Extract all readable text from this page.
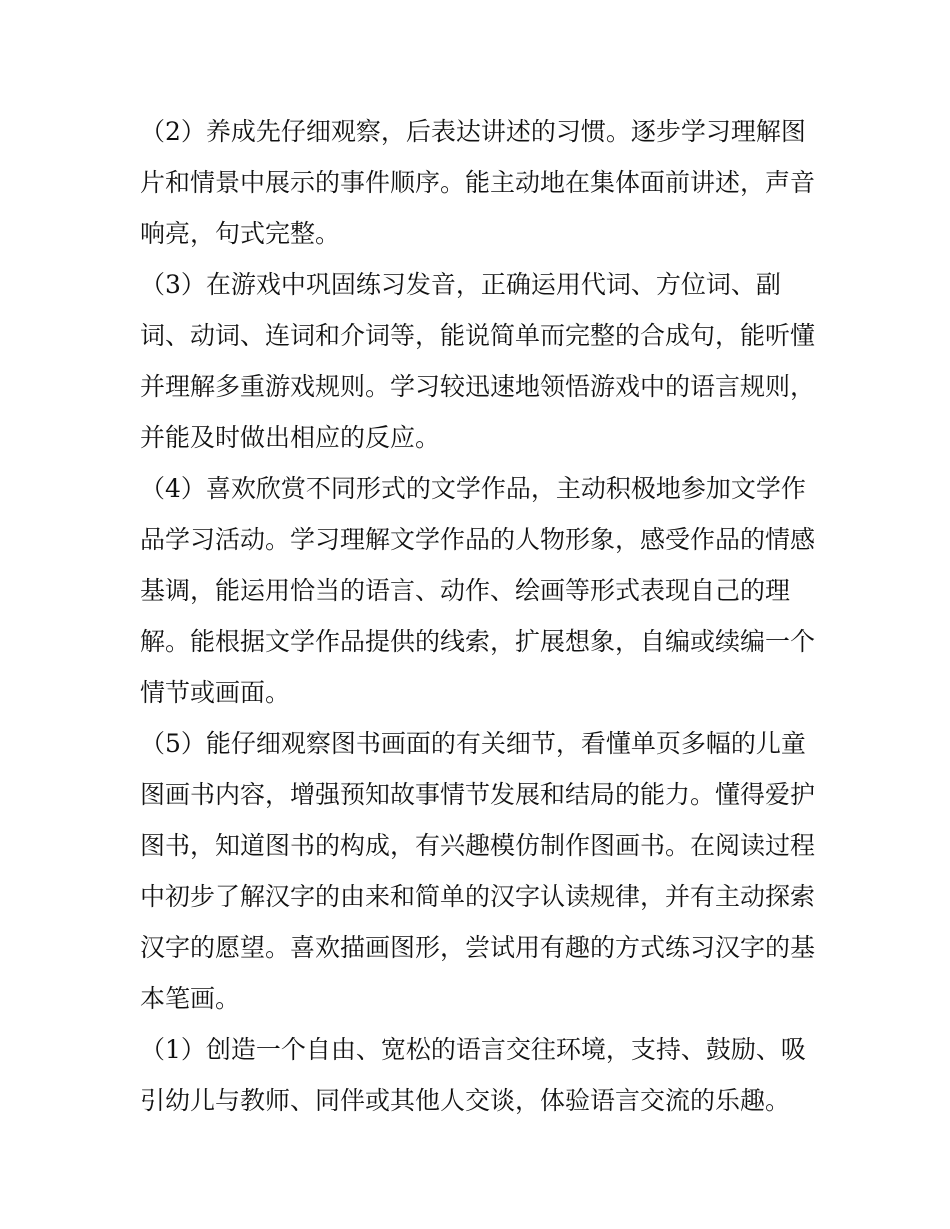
（2）养成先仔细观察，后表达讲述的习惯。逐步学习理解图
片和情景中展示的事件顺序。能主动地在集体面前讲述，声音
响亮，句式完整。

（3）在游戏中巩固练习发音，正确运用代词、方位词、副
词、动词、连词和介词等，能说简单而完整的合成句，能听懂
并理解多重游戏规则。学习较迅速地领悟游戏中的语言规则，
并能及时做出相应的反应。

（4）喜欢欣赏不同形式的文学作品，主动积极地参加文学作
品学习活动。学习理解文学作品的人物形象，感受作品的情感
基调，能运用恰当的语言、动作、绘画等形式表现自己的理
解。能根据文学作品提供的线索，扩展想象，自编或续编一个
情节或画面。

（5）能仔细观察图书画面的有关细节，看懂单页多幅的儿童
图画书内容，增强预知故事情节发展和结局的能力。懂得爱护
图书，知道图书的构成，有兴趣模仿制作图画书。在阅读过程
中初步了解汉字的由来和简单的汉字认读规律，并有主动探索
汉字的愿望。喜欢描画图形，尝试用有趣的方式练习汉字的基
本笔画。

（1）创造一个自由、宽松的语言交往环境，支持、鼓励、吸
引幼儿与教师、同伴或其他人交谈，体验语言交流的乐趣。
